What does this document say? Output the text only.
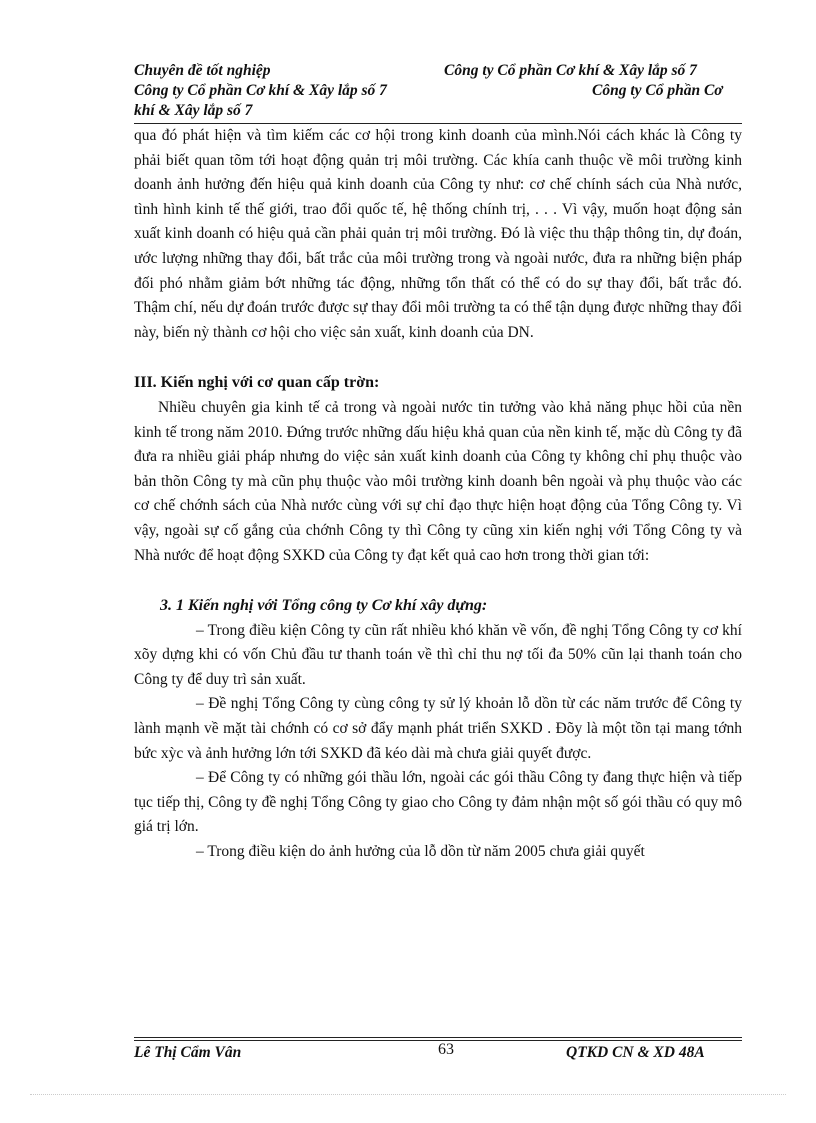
Chuyên đề tốt nghiệp	Công ty Cổ phần Cơ khí & Xây lắp số 7
Công ty Cổ phần Cơ khí & Xây lắp số 7	Công ty Cổ phần Cơ
khí & Xây lắp số 7

qua đó phát hiện và tìm kiếm các cơ hội trong kinh doanh của mình.Nói cách khác là Công ty phải biết quan tõm tới hoạt động quản trị môi trường. Các khía canh thuộc về môi trường kinh doanh ảnh hưởng đến hiệu quả kinh doanh của Công ty như: cơ chế chính sách của Nhà nước, tình hình kinh tế thế giới, trao đổi quốc tế, hệ thống chính trị, . . . Vì vậy, muốn hoạt động sản xuất kinh doanh có hiệu quả cần phải quản trị môi trường. Đó là việc thu thập thông tin, dự đoán, ước lượng những thay đổi, bất trắc của môi trường trong và ngoài nước, đưa ra những biện pháp đối phó nhằm giảm bớt những tác động, những tổn thất có thể có do sự thay đổi, bất trắc đó. Thậm chí, nếu dự đoán trước được sự thay đổi môi trường ta có thể tận dụng được những thay đổi này, biến nỳ thành cơ hội cho việc sản xuất, kinh doanh của DN.

III. Kiến nghị với cơ quan cấp trờn:

Nhiều chuyên gia kinh tế cả trong và ngoài nước tin tưởng vào khả năng phục hồi của nền kinh tế trong năm 2010. Đứng trước những dấu hiệu khả quan của nền kinh tế, mặc dù Công ty đã đưa ra nhiều giải pháp nhưng do việc sản xuất kinh doanh của Công ty không chỉ phụ thuộc vào bản thõn Công ty mà cũn phụ thuộc vào môi trường kinh doanh bên ngoài và phụ thuộc vào các cơ chế chớnh sách của Nhà nước cùng với sự chỉ đạo thực hiện hoạt động của Tổng Công ty. Vì vậy, ngoài sự cố gắng của chớnh Công ty thì Công ty cũng xin kiến nghị với Tổng Công ty và Nhà nước để hoạt động SXKD của Công ty đạt kết quả cao hơn trong thời gian tới:

3. 1 Kiến nghị với Tổng công ty Cơ khí xây dựng:

– Trong điều kiện Công ty cũn rất nhiều khó khăn về vốn, đề nghị Tổng Công ty cơ khí xõy dựng khi có vốn Chủ đầu tư thanh toán về thì chỉ thu nợ tối đa 50% cũn lại thanh toán cho Công ty để duy trì sản xuất.

– Đề nghị Tổng Công ty cùng công ty sử lý khoản lỗ dồn từ các năm trước để Công ty lành mạnh về mặt tài chớnh có cơ sở đẩy mạnh phát triển SXKD . Đõy là một tồn tại mang tớnh bức xỳc và ảnh hưởng lớn tới SXKD đã kéo dài mà chưa giải quyết được.

– Để Công ty có những gói thầu lớn, ngoài các gói thầu Công ty đang thực hiện và tiếp tục tiếp thị, Công ty đề nghị Tổng Công ty giao cho Công ty đảm nhận một số gói thầu có quy mô giá trị lớn.

– Trong điều kiện do ảnh hưởng của lỗ dồn từ năm 2005 chưa giải quyết

Lê Thị Cẩm Vân	63	QTKD CN & XD 48A
